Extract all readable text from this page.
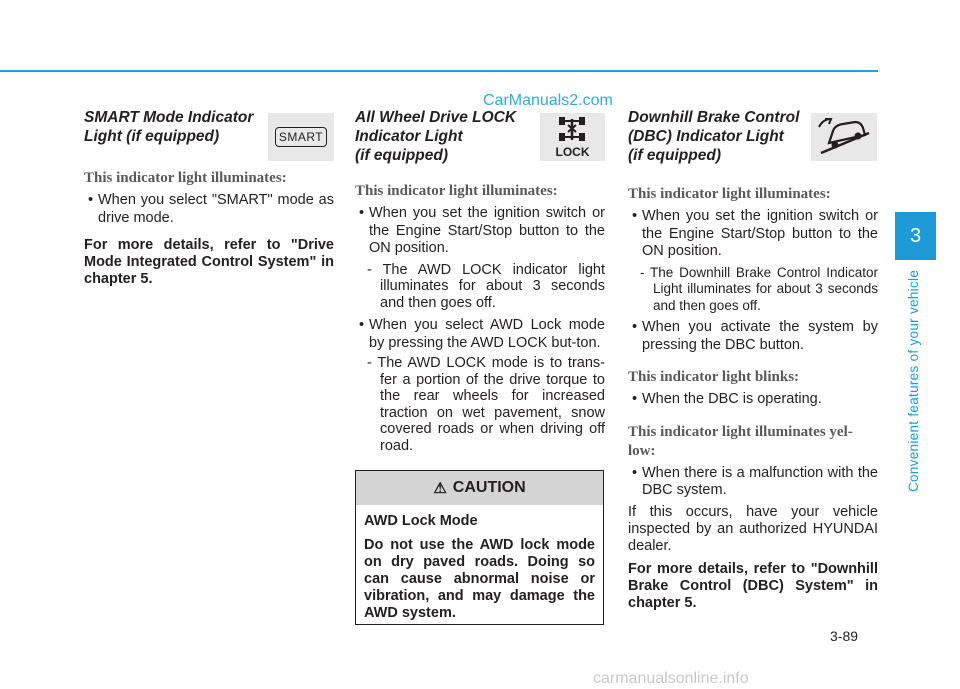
CarManuals2.com
SMART Mode Indicator
Light (if equipped)
This indicator light illuminates:
• When you select "SMART" mode as drive mode.
For more details, refer to "Drive Mode Integrated Control System" in chapter 5.
SMART
All Wheel Drive LOCK
Indicator Light
(if equipped)
This indicator light illuminates:
• When you set the ignition switch or the Engine Start/Stop button to the ON position.
- The AWD LOCK indicator light illuminates for about 3 seconds and then goes off.
• When you select AWD Lock mode by pressing the AWD LOCK but-ton.
- The AWD LOCK mode is to trans-fer a portion of the drive torque to the rear wheels for increased traction on wet pavement, snow covered roads or when driving off road.
LOCK
⚠ CAUTION
AWD Lock Mode
Do not use the AWD lock mode on dry paved roads. Doing so can cause abnormal noise or vibration, and may damage the AWD system.
Downhill Brake Control
(DBC) Indicator Light
(if equipped)
This indicator light illuminates:
• When you set the ignition switch or the Engine Start/Stop button to the ON position.
- The Downhill Brake Control Indicator Light illuminates for about 3 seconds and then goes off.
• When you activate the system by pressing the DBC button.
This indicator light blinks:
• When the DBC is operating.
This indicator light illuminates yel-low:
• When there is a malfunction with the DBC system.
If this occurs, have your vehicle inspected by an authorized HYUNDAI dealer.
For more details, refer to "Downhill Brake Control (DBC) System" in chapter 5.
3
Convenient features of your vehicle
3-89
carmanualsonline.info
